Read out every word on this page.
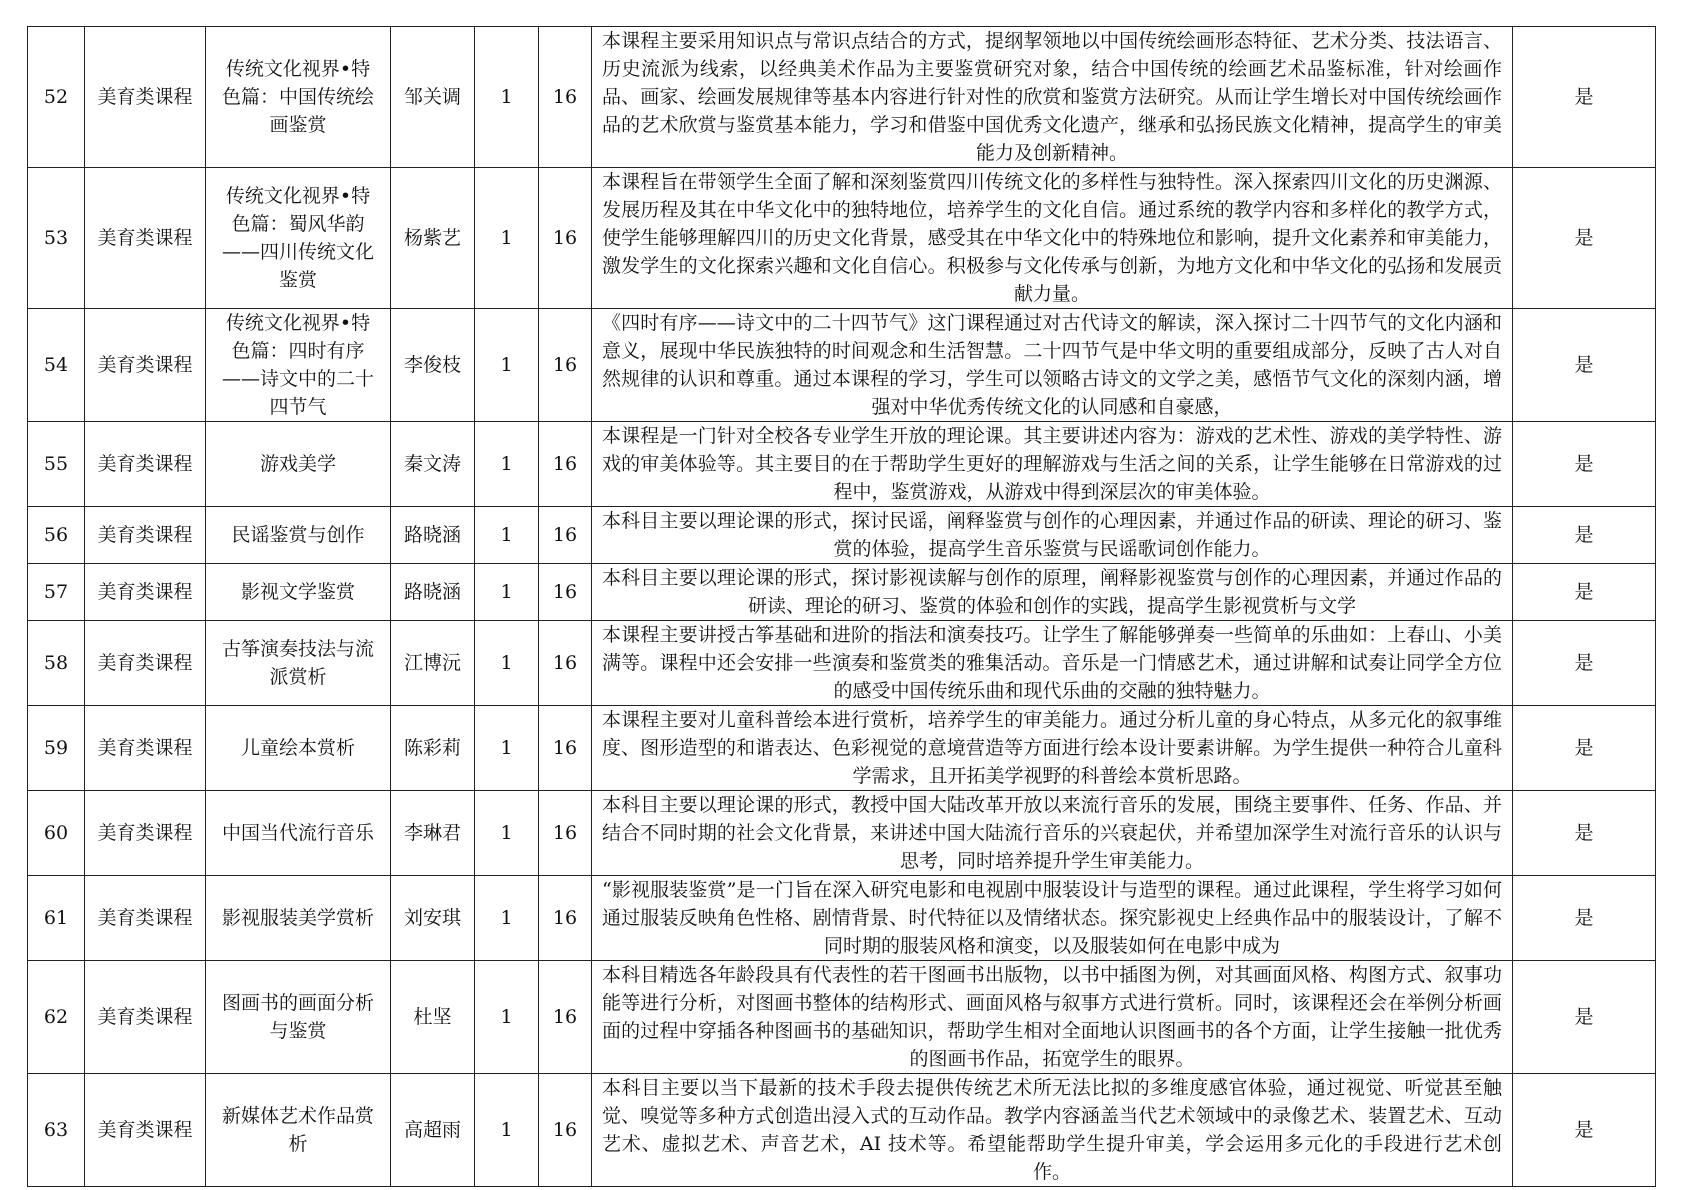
52	美育类课程	传统文化视界•特色篇：中国传统绘画鉴赏	邹关调	1	16	本课程主要采用知识点与常识点结合的方式，提纲挈领地以中国传统绘画形态特征、艺术分类、技法语言、历史流派为线索，以经典美术作品为主要鉴赏研究对象，结合中国传统的绘画艺术品鉴标准，针对绘画作品、画家、绘画发展规律等基本内容进行针对性的欣赏和鉴赏方法研究。从而让学生增长对中国传统绘画作品的艺术欣赏与鉴赏基本能力，学习和借鉴中国优秀文化遗产，继承和弘扬民族文化精神，提高学生的审美能力及创新精神。	是
53	美育类课程	传统文化视界•特色篇：蜀风华韵——四川传统文化鉴赏	杨紫艺	1	16	本课程旨在带领学生全面了解和深刻鉴赏四川传统文化的多样性与独特性。深入探索四川文化的历史渊源、发展历程及其在中华文化中的独特地位，培养学生的文化自信。通过系统的教学内容和多样化的教学方式，使学生能够理解四川的历史文化背景，感受其在中华文化中的特殊地位和影响，提升文化素养和审美能力，激发学生的文化探索兴趣和文化自信心。积极参与文化传承与创新，为地方文化和中华文化的弘扬和发展贡献力量。	是
54	美育类课程	传统文化视界•特色篇：四时有序——诗文中的二十四节气	李俊枝	1	16	《四时有序——诗文中的二十四节气》这门课程通过对古代诗文的解读，深入探讨二十四节气的文化内涵和意义，展现中华民族独特的时间观念和生活智慧。二十四节气是中华文明的重要组成部分，反映了古人对自然规律的认识和尊重。通过本课程的学习，学生可以领略古诗文的文学之美，感悟节气文化的深刻内涵，增强对中华优秀传统文化的认同感和自豪感，	是
55	美育类课程	游戏美学	秦文涛	1	16	本课程是一门针对全校各专业学生开放的理论课。其主要讲述内容为：游戏的艺术性、游戏的美学特性、游戏的审美体验等。其主要目的在于帮助学生更好的理解游戏与生活之间的关系，让学生能够在日常游戏的过程中，鉴赏游戏，从游戏中得到深层次的审美体验。	是
56	美育类课程	民谣鉴赏与创作	路晓涵	1	16	本科目主要以理论课的形式，探讨民谣，阐释鉴赏与创作的心理因素，并通过作品的研读、理论的研习、鉴赏的体验，提高学生音乐鉴赏与民谣歌词创作能力。	是
57	美育类课程	影视文学鉴赏	路晓涵	1	16	本科目主要以理论课的形式，探讨影视读解与创作的原理，阐释影视鉴赏与创作的心理因素，并通过作品的研读、理论的研习、鉴赏的体验和创作的实践，提高学生影视赏析与文学	是
58	美育类课程	古筝演奏技法与流派赏析	江博沅	1	16	本课程主要讲授古筝基础和进阶的指法和演奏技巧。让学生了解能够弹奏一些简单的乐曲如：上春山、小美满等。课程中还会安排一些演奏和鉴赏类的雅集活动。音乐是一门情感艺术，通过讲解和试奏让同学全方位的感受中国传统乐曲和现代乐曲的交融的独特魅力。	是
59	美育类课程	儿童绘本赏析	陈彩莉	1	16	本课程主要对儿童科普绘本进行赏析，培养学生的审美能力。通过分析儿童的身心特点，从多元化的叙事维度、图形造型的和谐表达、色彩视觉的意境营造等方面进行绘本设计要素讲解。为学生提供一种符合儿童科学需求，且开拓美学视野的科普绘本赏析思路。	是
60	美育类课程	中国当代流行音乐	李琳君	1	16	本科目主要以理论课的形式，教授中国大陆改革开放以来流行音乐的发展，围绕主要事件、任务、作品、并结合不同时期的社会文化背景，来讲述中国大陆流行音乐的兴衰起伏，并希望加深学生对流行音乐的认识与思考，同时培养提升学生审美能力。	是
61	美育类课程	影视服装美学赏析	刘安琪	1	16	“影视服装鉴赏”是一门旨在深入研究电影和电视剧中服装设计与造型的课程。通过此课程，学生将学习如何通过服装反映角色性格、剧情背景、时代特征以及情绪状态。探究影视史上经典作品中的服装设计，了解不同时期的服装风格和演变，以及服装如何在电影中成为	是
62	美育类课程	图画书的画面分析与鉴赏	杜坚	1	16	本科目精选各年龄段具有代表性的若干图画书出版物，以书中插图为例，对其画面风格、构图方式、叙事功能等进行分析，对图画书整体的结构形式、画面风格与叙事方式进行赏析。同时，该课程还会在举例分析画面的过程中穿插各种图画书的基础知识，帮助学生相对全面地认识图画书的各个方面，让学生接触一批优秀的图画书作品，拓宽学生的眼界。	是
63	美育类课程	新媒体艺术作品赏析	高超雨	1	16	本科目主要以当下最新的技术手段去提供传统艺术所无法比拟的多维度感官体验，通过视觉、听觉甚至触觉、嗅觉等多种方式创造出浸入式的互动作品。教学内容涵盖当代艺术领域中的录像艺术、装置艺术、互动艺术、虚拟艺术、声音艺术，AI 技术等。希望能帮助学生提升审美，学会运用多元化的手段进行艺术创作。	是
